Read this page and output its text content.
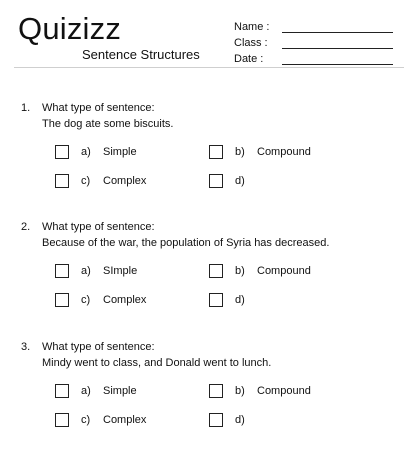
Quizizz
Sentence Structures
Name :
Class :
Date :
1. What type of sentence:
The dog ate some biscuits.
a) Simple	b) Compound
c) Complex	d)
2. What type of sentence:
Because of the war, the population of Syria has decreased.
a) SImple	b) Compound
c) Complex	d)
3. What type of sentence:
Mindy went to class, and Donald went to lunch.
a) Simple	b) Compound
c) Complex	d)
